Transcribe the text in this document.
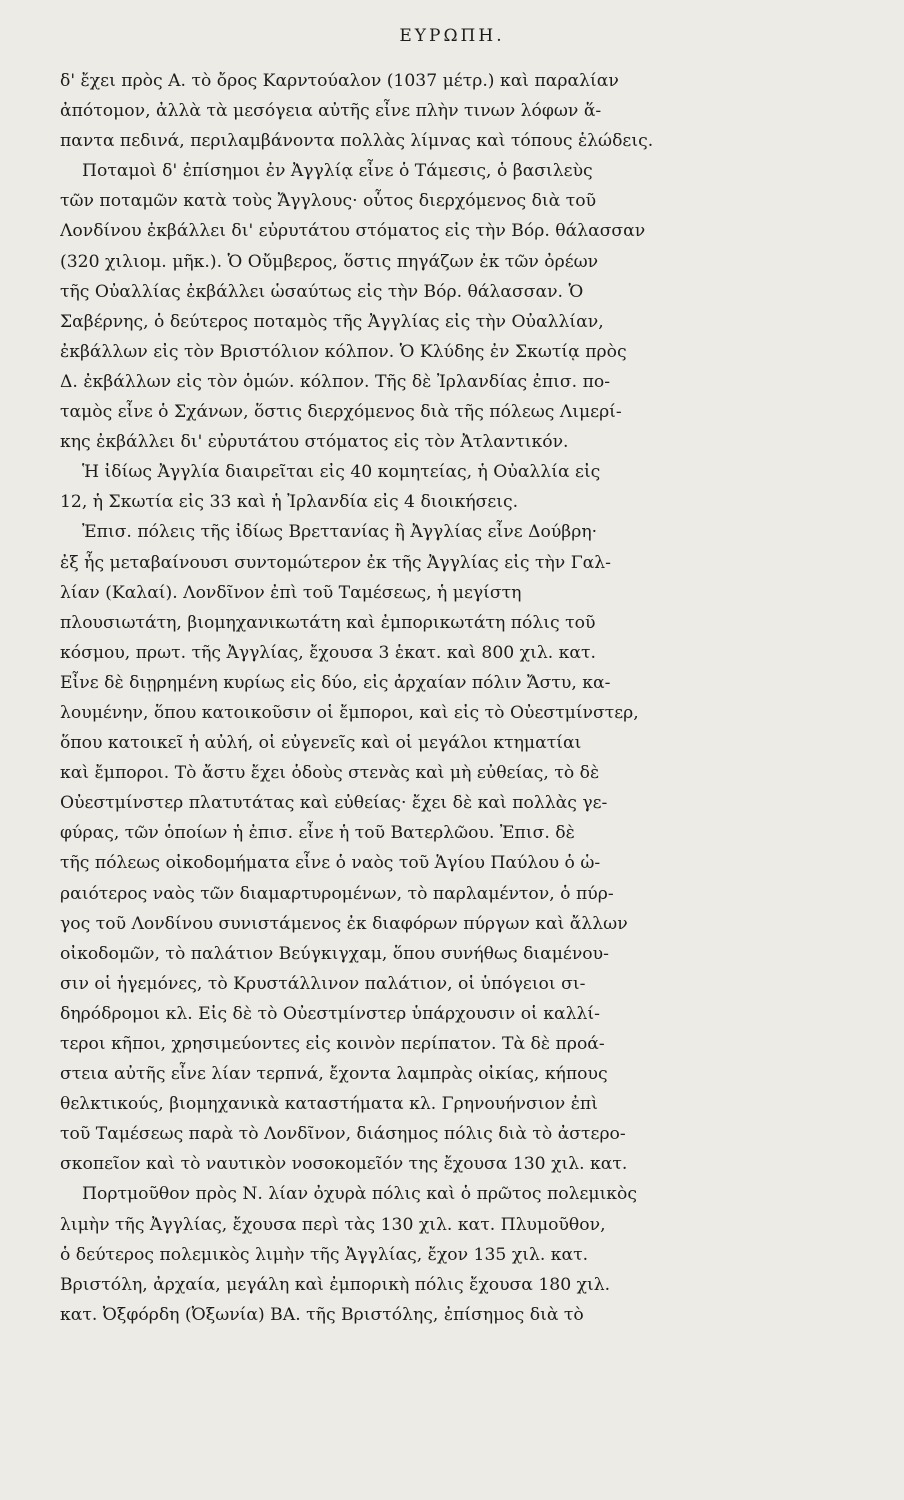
ΕΥΡΩΠΗ.
δ' ἔχει πρὸς Α. τὸ ὄρος Καρντούαλον (1037 μέτρ.) καὶ παραλίαν
ἀπότομον, ἀλλὰ τὰ μεσόγεια αὐτῆς εἶνε πλὴν τινων λόφων ἅ-
παντα πεδινά, περιλαμβάνοντα πολλὰς λίμνας καὶ τόπους ἑλώδεις.
Ποταμοὶ δ' ἐπίσημοι ἐν Ἀγγλίᾳ εἶνε ὁ Τάμεσις, ὁ βασιλεὺς
τῶν ποταμῶν κατὰ τοὺς Ἄγγλους· οὗτος διερχόμενος διὰ τοῦ
Λονδίνου ἐκβάλλει δι' εὐρυτάτου στόματος εἰς τὴν Βόρ. θάλασσαν
(320 χιλιομ. μῆκ.). Ὁ Οὔμβερος, ὅστις πηγάζων ἐκ τῶν ὀρέων
τῆς Οὐαλλίας ἐκβάλλει ὡσαύτως εἰς τὴν Βόρ. θάλασσαν. Ὁ
Σαβέρνης, ὁ δεύτερος ποταμὸς τῆς Ἀγγλίας εἰς τὴν Οὐαλλίαν,
ἐκβάλλων εἰς τὸν Βριστόλιον κόλπον. Ὁ Κλύδης ἐν Σκωτίᾳ πρὸς
Δ. ἐκβάλλων εἰς τὸν ὁμών. κόλπον. Τῆς δὲ Ἰρλανδίας ἐπισ. πο-
ταμὸς εἶνε ὁ Σχάνων, ὅστις διερχόμενος διὰ τῆς πόλεως Λιμερί-
κης ἐκβάλλει δι' εὐρυτάτου στόματος εἰς τὸν Ἀτλαντικόν.
Ἡ ἰδίως Ἀγγλία διαιρεῖται εἰς 40 κομητείας, ἡ Οὐαλλία εἰς
12, ἡ Σκωτία εἰς 33 καὶ ἡ Ἰρλανδία εἰς 4 διοικήσεις.
Ἐπισ. πόλεις τῆς ἰδίως Βρεττανίας ἢ Ἀγγλίας εἶνε Δούβρη·
ἐξ ἧς μεταβαίνουσι συντομώτερον ἐκ τῆς Ἀγγλίας εἰς τὴν Γαλ-
λίαν (Καλαί). Λονδῖνον ἐπὶ τοῦ Ταμέσεως, ἡ μεγίστη
πλουσιωτάτη, βιομηχανικωτάτη καὶ ἐμπορικωτάτη πόλις τοῦ
κόσμου, πρωτ. τῆς Ἀγγλίας, ἔχουσα 3 ἑκατ. καὶ 800 χιλ. κατ.
Εἶνε δὲ διῃρημένη κυρίως εἰς δύο, εἰς ἀρχαίαν πόλιν Ἄστυ, κα-
λουμένην, ὅπου κατοικοῦσιν οἱ ἔμποροι, καὶ εἰς τὸ Οὐεστμίνστερ,
ὅπου κατοικεῖ ἡ αὐλή, οἱ εὐγενεῖς καὶ οἱ μεγάλοι κτηματίαι
καὶ ἔμποροι. Τὸ ἄστυ ἔχει ὁδοὺς στενὰς καὶ μὴ εὐθείας, τὸ δὲ
Οὐεστμίνστερ πλατυτάτας καὶ εὐθείας· ἔχει δὲ καὶ πολλὰς γε-
φύρας, τῶν ὁποίων ἡ ἐπισ. εἶνε ἡ τοῦ Βατερλῶου. Ἐπισ. δὲ
τῆς πόλεως οἰκοδομήματα εἶνε ὁ ναὸς τοῦ Ἁγίου Παύλου ὁ ὡ-
ραιότερος ναὸς τῶν διαμαρτυρομένων, τὸ παρλαμέντον, ὁ πύρ-
γος τοῦ Λονδίνου συνιστάμενος ἐκ διαφόρων πύργων καὶ ἄλλων
οἰκοδομῶν, τὸ παλάτιον Βεύγκιγχαμ, ὅπου συνήθως διαμένου-
σιν οἱ ἡγεμόνες, τὸ Κρυστάλλινον παλάτιον, οἱ ὑπόγειοι σι-
δηρόδρομοι κλ. Εἰς δὲ τὸ Οὐεστμίνστερ ὑπάρχουσιν οἱ καλλί-
τεροι κῆποι, χρησιμεύοντες εἰς κοινὸν περίπατον. Τὰ δὲ προά-
στεια αὐτῆς εἶνε λίαν τερπνά, ἔχοντα λαμπρὰς οἰκίας, κήπους
θελκτικούς, βιομηχανικὰ καταστήματα κλ. Γρηνουήνσιον ἐπὶ
τοῦ Ταμέσεως παρὰ τὸ Λονδῖνον, διάσημος πόλις διὰ τὸ ἀστερο-
σκοπεῖον καὶ τὸ ναυτικὸν νοσοκομεῖόν της ἔχουσα 130 χιλ. κατ.
Πορτμοῦθον πρὸς Ν. λίαν ὀχυρὰ πόλις καὶ ὁ πρῶτος πολεμικὸς
λιμὴν τῆς Ἀγγλίας, ἔχουσα περὶ τὰς 130 χιλ. κατ. Πλυμοῦθον,
ὁ δεύτερος πολεμικὸς λιμὴν τῆς Ἀγγλίας, ἔχον 135 χιλ. κατ.
Βριστόλη, ἀρχαία, μεγάλη καὶ ἐμπορικὴ πόλις ἔχουσα 180 χιλ.
κατ. Ὀξφόρδη (Ὀξωνία) ΒΑ. τῆς Βριστόλης, ἐπίσημος διὰ τὸ
